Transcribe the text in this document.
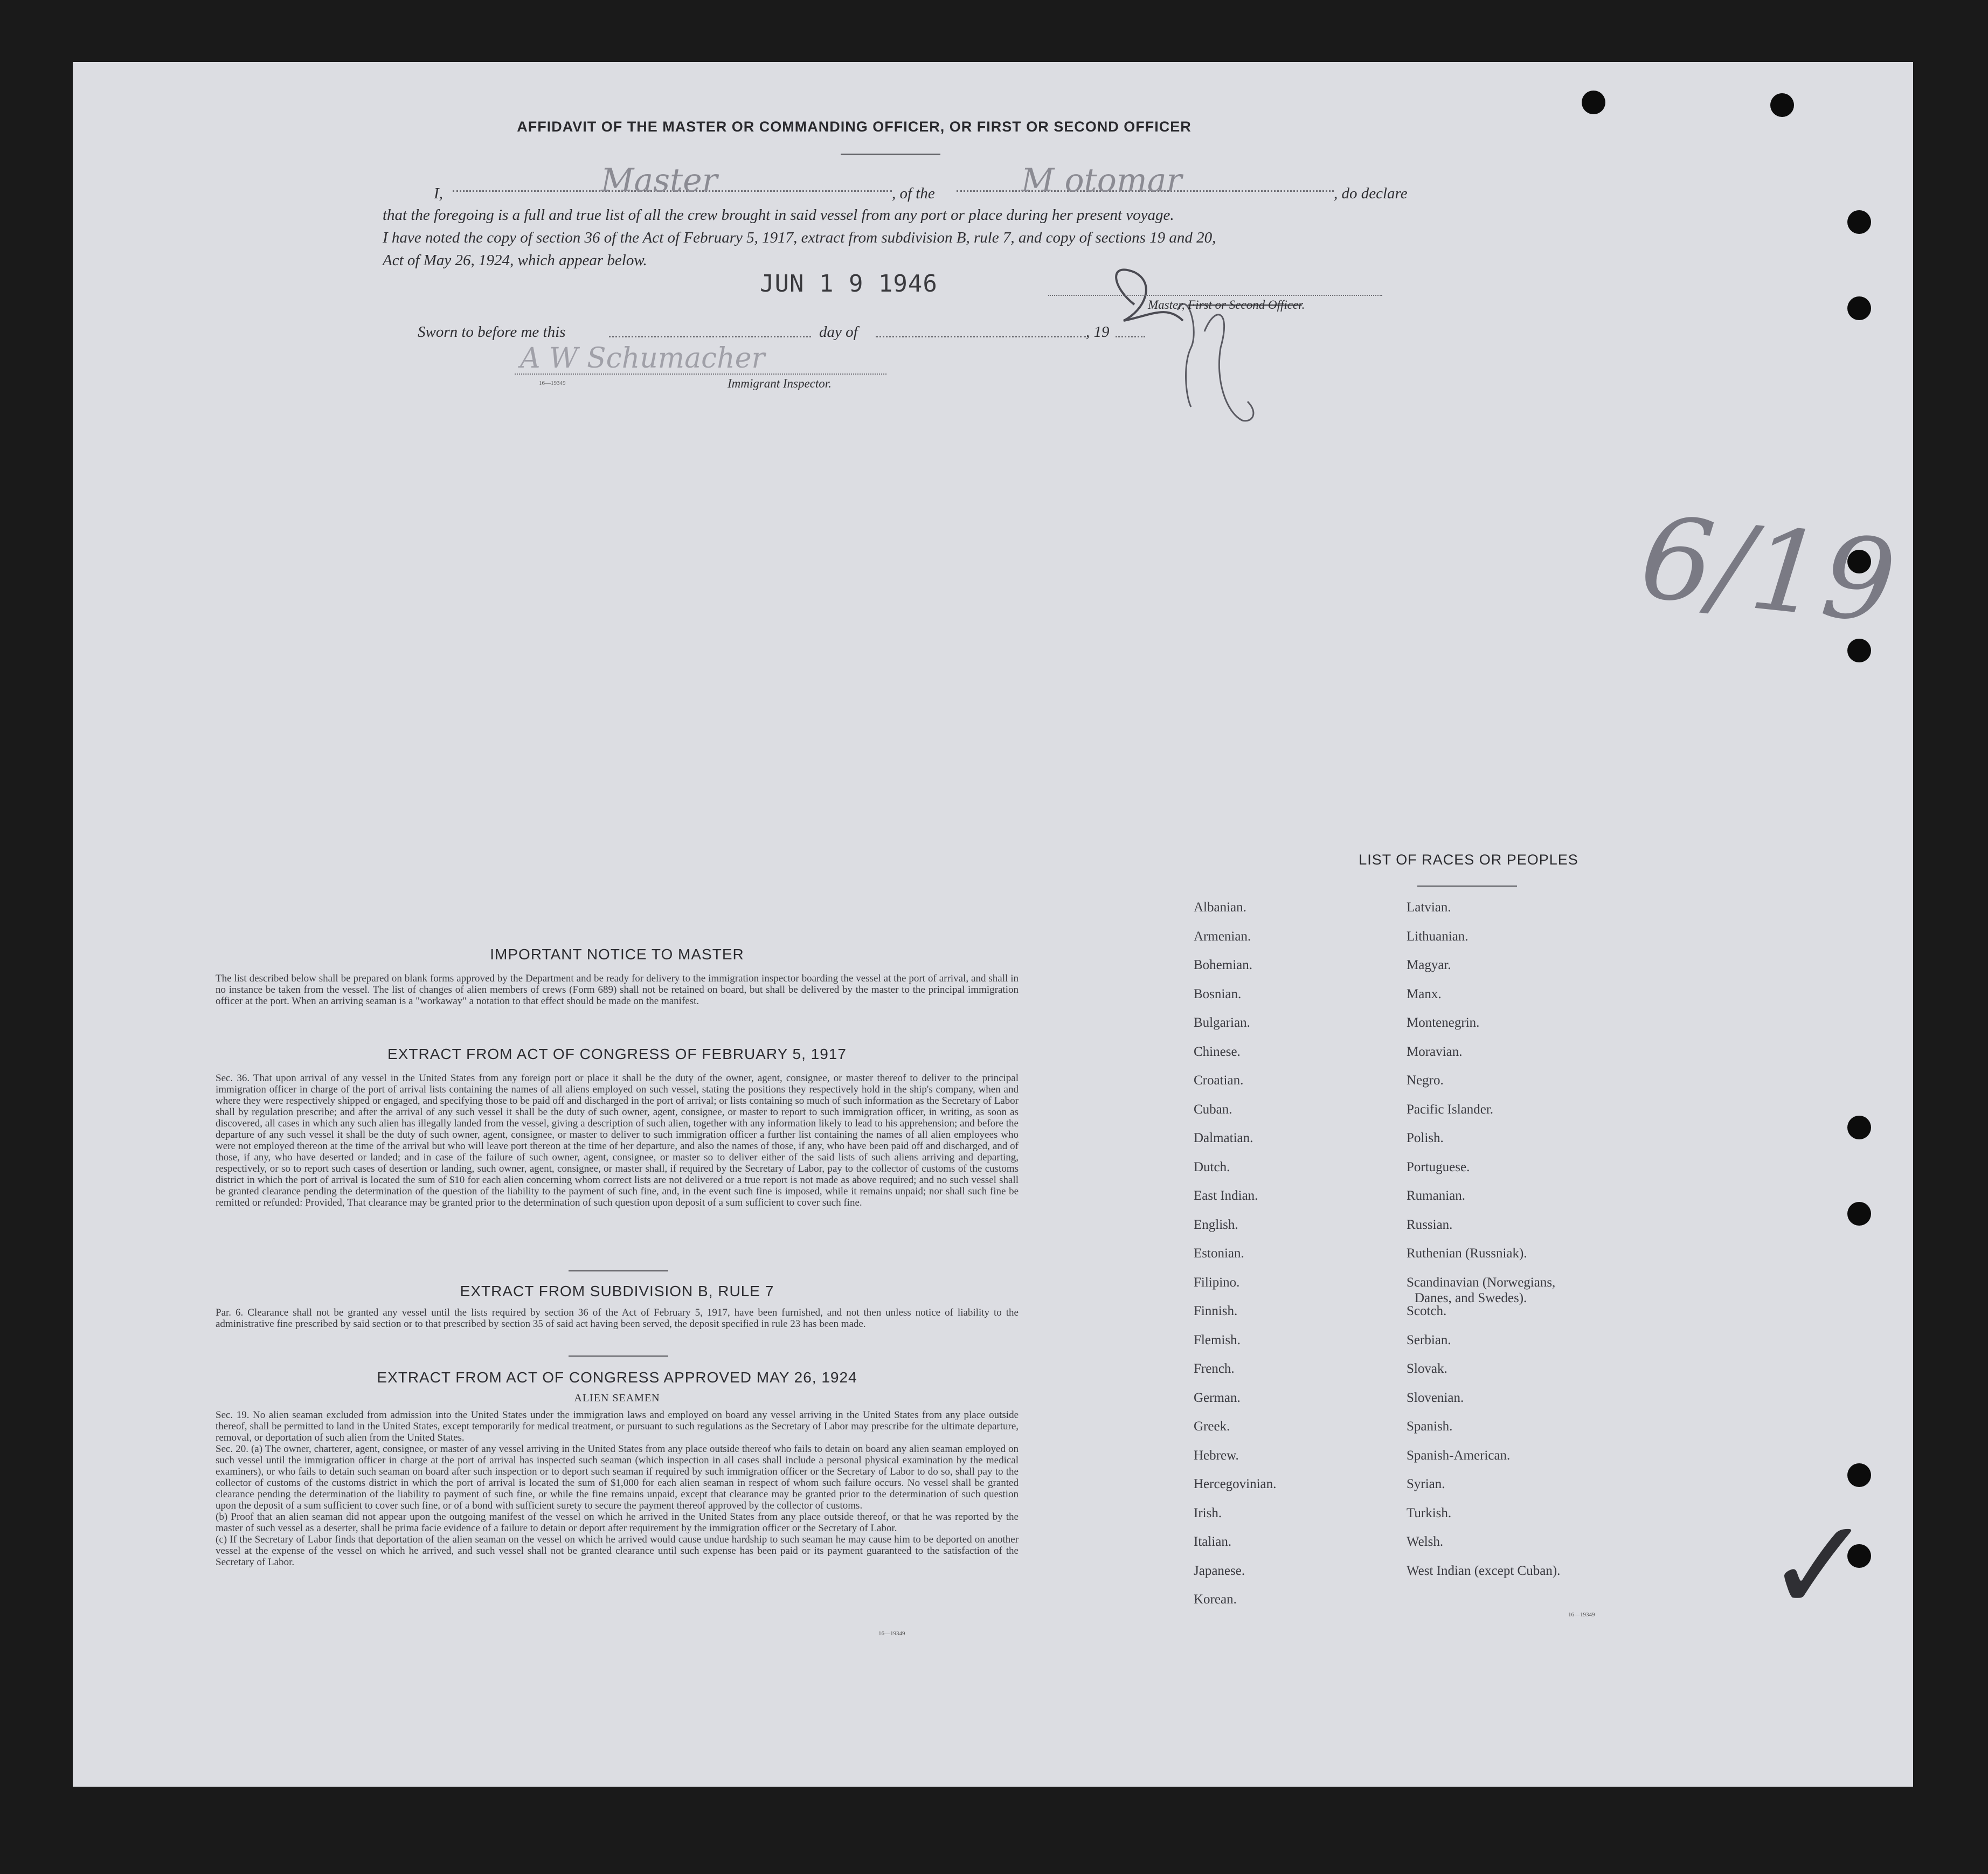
AFFIDAVIT OF THE MASTER OR COMMANDING OFFICER, OR FIRST OR SECOND OFFICER
I,	Master	, of the	M otomar	, do declare
that the foregoing is a full and true list of all the crew brought in said vessel from any port or place during her present voyage.
I have noted the copy of section 36 of the Act of February 5, 1917, extract from subdivision B, rule 7, and copy of sections 19 and 20,
Act of May 26, 1924, which appear below.
JUN 1 9 1946
Master, First or Second Officer.
Sworn to before me this	day of	, 19
A W Schumacher
16—19349	Immigrant Inspector.
6/19
✓
IMPORTANT NOTICE TO MASTER
The list described below shall be prepared on blank forms approved by the Department and be ready for delivery to the immigration inspector boarding the vessel at the port of arrival, and shall in no instance be taken from the vessel. The list of changes of alien members of crews (Form 689) shall not be retained on board, but shall be delivered by the master to the principal immigration officer at the port. When an arriving seaman is a "workaway" a notation to that effect should be made on the manifest.
EXTRACT FROM ACT OF CONGRESS OF FEBRUARY 5, 1917
Sec. 36. That upon arrival of any vessel in the United States from any foreign port or place it shall be the duty of the owner, agent, consignee, or master thereof to deliver to the principal immigration officer in charge of the port of arrival lists containing the names of all aliens employed on such vessel, stating the positions they respectively hold in the ship's company, when and where they were respectively shipped or engaged, and specifying those to be paid off and discharged in the port of arrival; or lists containing so much of such information as the Secretary of Labor shall by regulation prescribe; and after the arrival of any such vessel it shall be the duty of such owner, agent, consignee, or master to report to such immigration officer, in writing, as soon as discovered, all cases in which any such alien has illegally landed from the vessel, giving a description of such alien, together with any information likely to lead to his apprehension; and before the departure of any such vessel it shall be the duty of such owner, agent, consignee, or master to deliver to such immigration officer a further list containing the names of all alien employees who were not employed thereon at the time of the arrival but who will leave port thereon at the time of her departure, and also the names of those, if any, who have been paid off and discharged, and of those, if any, who have deserted or landed; and in case of the failure of such owner, agent, consignee, or master so to deliver either of the said lists of such aliens arriving and departing, respectively, or so to report such cases of desertion or landing, such owner, agent, consignee, or master shall, if required by the Secretary of Labor, pay to the collector of customs of the customs district in which the port of arrival is located the sum of $10 for each alien concerning whom correct lists are not delivered or a true report is not made as above required; and no such vessel shall be granted clearance pending the determination of the question of the liability to the payment of such fine, and, in the event such fine is imposed, while it remains unpaid; nor shall such fine be remitted or refunded: Provided, That clearance may be granted prior to the determination of such question upon deposit of a sum sufficient to cover such fine.
EXTRACT FROM SUBDIVISION B, RULE 7
Par. 6. Clearance shall not be granted any vessel until the lists required by section 36 of the Act of February 5, 1917, have been furnished, and not then unless notice of liability to the administrative fine prescribed by said section or to that prescribed by section 35 of said act having been served, the deposit specified in rule 23 has been made.
EXTRACT FROM ACT OF CONGRESS APPROVED MAY 26, 1924
ALIEN SEAMEN
Sec. 19. No alien seaman excluded from admission into the United States under the immigration laws and employed on board any vessel arriving in the United States from any place outside thereof, shall be permitted to land in the United States, except temporarily for medical treatment, or pursuant to such regulations as the Secretary of Labor may prescribe for the ultimate departure, removal, or deportation of such alien from the United States.
Sec. 20. (a) The owner, charterer, agent, consignee, or master of any vessel arriving in the United States from any place outside thereof who fails to detain on board any alien seaman employed on such vessel until the immigration officer in charge at the port of arrival has inspected such seaman (which inspection in all cases shall include a personal physical examination by the medical examiners), or who fails to detain such seaman on board after such inspection or to deport such seaman if required by such immigration officer or the Secretary of Labor to do so, shall pay to the collector of customs of the customs district in which the port of arrival is located the sum of $1,000 for each alien seaman in respect of whom such failure occurs. No vessel shall be granted clearance pending the determination of the liability to payment of such fine, or while the fine remains unpaid, except that clearance may be granted prior to the determination of such question upon the deposit of a sum sufficient to cover such fine, or of a bond with sufficient surety to secure the payment thereof approved by the collector of customs.
(b) Proof that an alien seaman did not appear upon the outgoing manifest of the vessel on which he arrived in the United States from any place outside thereof, or that he was reported by the master of such vessel as a deserter, shall be prima facie evidence of a failure to detain or deport after requirement by the immigration officer or the Secretary of Labor.
(c) If the Secretary of Labor finds that deportation of the alien seaman on the vessel on which he arrived would cause undue hardship to such seaman he may cause him to be deported on another vessel at the expense of the vessel on which he arrived, and such vessel shall not be granted clearance until such expense has been paid or its payment guaranteed to the satisfaction of the Secretary of Labor.
16—19349
LIST OF RACES OR PEOPLES
16—19349
Albanian.
Armenian.
Bohemian.
Bosnian.
Bulgarian.
Chinese.
Croatian.
Cuban.
Dalmatian.
Dutch.
East Indian.
English.
Estonian.
Filipino.
Finnish.
Flemish.
French.
German.
Greek.
Hebrew.
Hercegovinian.
Irish.
Italian.
Japanese.
Korean.
Latvian.
Lithuanian.
Magyar.
Manx.
Montenegrin.
Moravian.
Negro.
Pacific Islander.
Polish.
Portuguese.
Rumanian.
Russian.
Ruthenian (Russniak).
Scandinavian (Norwegians,
Danes, and Swedes).
Scotch.
Serbian.
Slovak.
Slovenian.
Spanish.
Spanish-American.
Syrian.
Turkish.
Welsh.
West Indian (except Cuban).
